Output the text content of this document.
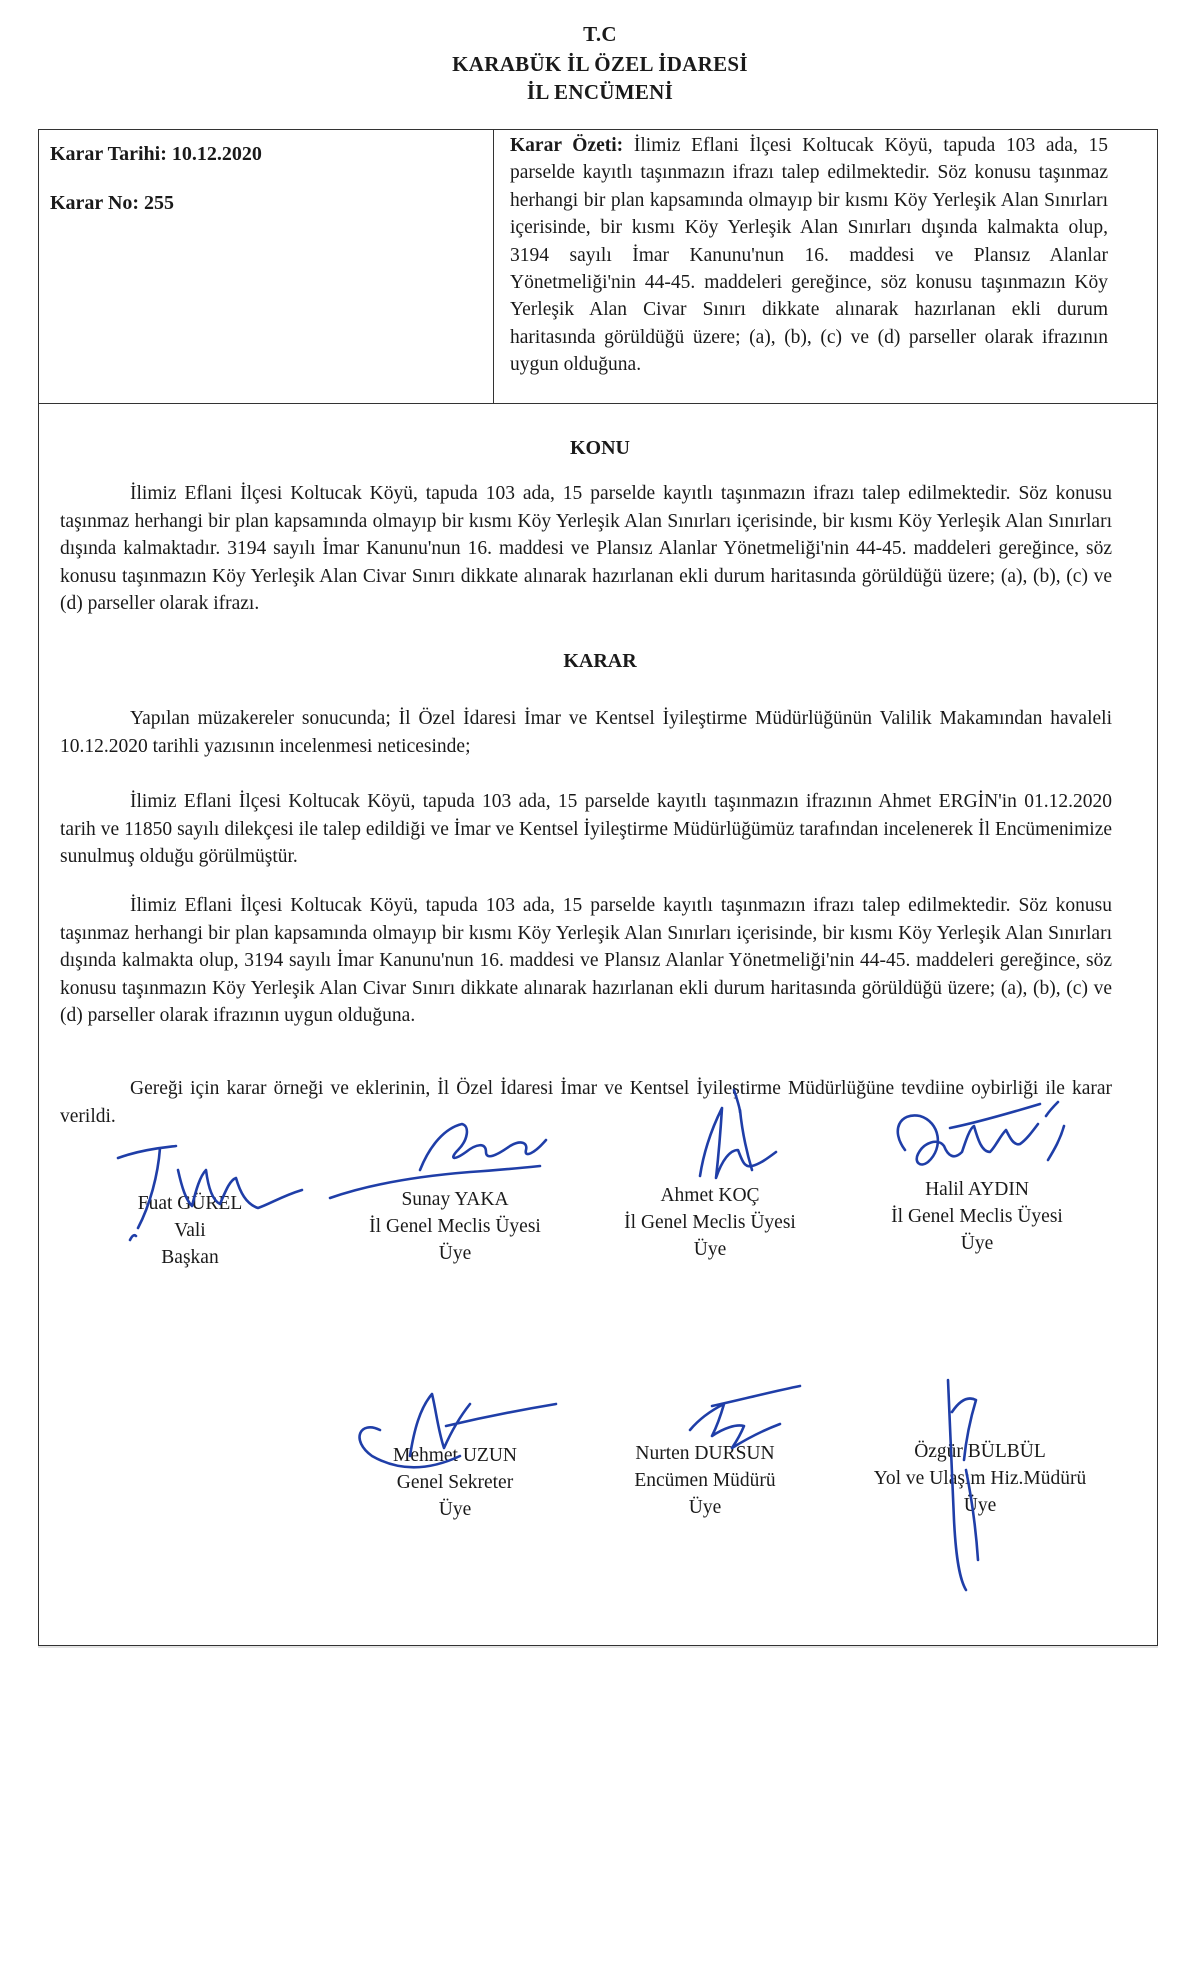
T.C
KARABÜK İL ÖZEL İDARESİ
İL ENCÜMENİ
Karar Tarihi: 10.12.2020
Karar No: 255
Karar Özeti: İlimiz Eflani İlçesi Koltucak Köyü, tapuda 103 ada, 15 parselde kayıtlı taşınmazın ifrazı talep edilmektedir. Söz konusu taşınmaz herhangi bir plan kapsamında olmayıp bir kısmı Köy Yerleşik Alan Sınırları içerisinde, bir kısmı Köy Yerleşik Alan Sınırları dışında kalmakta olup, 3194 sayılı İmar Kanunu'nun 16. maddesi ve Plansız Alanlar Yönetmeliği'nin 44-45. maddeleri gereğince, söz konusu taşınmazın Köy Yerleşik Alan Civar Sınırı dikkate alınarak hazırlanan ekli durum haritasında görüldüğü üzere; (a), (b), (c) ve (d) parseller olarak ifrazının uygun olduğuna.
KONU
İlimiz Eflani İlçesi Koltucak Köyü, tapuda 103 ada, 15 parselde kayıtlı taşınmazın ifrazı talep edilmektedir. Söz konusu taşınmaz herhangi bir plan kapsamında olmayıp bir kısmı Köy Yerleşik Alan Sınırları içerisinde, bir kısmı Köy Yerleşik Alan Sınırları dışında kalmaktadır. 3194 sayılı İmar Kanunu'nun 16. maddesi ve Plansız Alanlar Yönetmeliği'nin 44-45. maddeleri gereğince, söz konusu taşınmazın Köy Yerleşik Alan Civar Sınırı dikkate alınarak hazırlanan ekli durum haritasında görüldüğü üzere; (a), (b), (c) ve (d) parseller olarak ifrazı.
KARAR
Yapılan müzakereler sonucunda; İl Özel İdaresi İmar ve Kentsel İyileştirme Müdürlüğünün Valilik Makamından havaleli 10.12.2020 tarihli yazısının incelenmesi neticesinde;
İlimiz Eflani İlçesi Koltucak Köyü, tapuda 103 ada, 15 parselde kayıtlı taşınmazın ifrazının Ahmet ERGİN'in 01.12.2020 tarih ve 11850 sayılı dilekçesi ile talep edildiği ve İmar ve Kentsel İyileştirme Müdürlüğümüz tarafından incelenerek İl Encümenimize sunulmuş olduğu görülmüştür.
İlimiz Eflani İlçesi Koltucak Köyü, tapuda 103 ada, 15 parselde kayıtlı taşınmazın ifrazı talep edilmektedir. Söz konusu taşınmaz herhangi bir plan kapsamında olmayıp bir kısmı Köy Yerleşik Alan Sınırları içerisinde, bir kısmı Köy Yerleşik Alan Sınırları dışında kalmakta olup, 3194 sayılı İmar Kanunu'nun 16. maddesi ve Plansız Alanlar Yönetmeliği'nin 44-45. maddeleri gereğince, söz konusu taşınmazın Köy Yerleşik Alan Civar Sınırı dikkate alınarak hazırlanan ekli durum haritasında görüldüğü üzere; (a), (b), (c) ve (d) parseller olarak ifrazının uygun olduğuna.
Gereği için karar örneği ve eklerinin, İl Özel İdaresi İmar ve Kentsel İyileştirme Müdürlüğüne tevdiine oybirliği ile karar verildi.
Fuat GÜREL
Vali
Başkan
Sunay YAKA
İl Genel Meclis Üyesi
Üye
Ahmet KOÇ
İl Genel Meclis Üyesi
Üye
Halil AYDIN
İl Genel Meclis Üyesi
Üye
Mehmet UZUN
Genel Sekreter
Üye
Nurten DURSUN
Encümen Müdürü
Üye
Özgür BÜLBÜL
Yol ve Ulaşım Hiz.Müdürü
Üye
